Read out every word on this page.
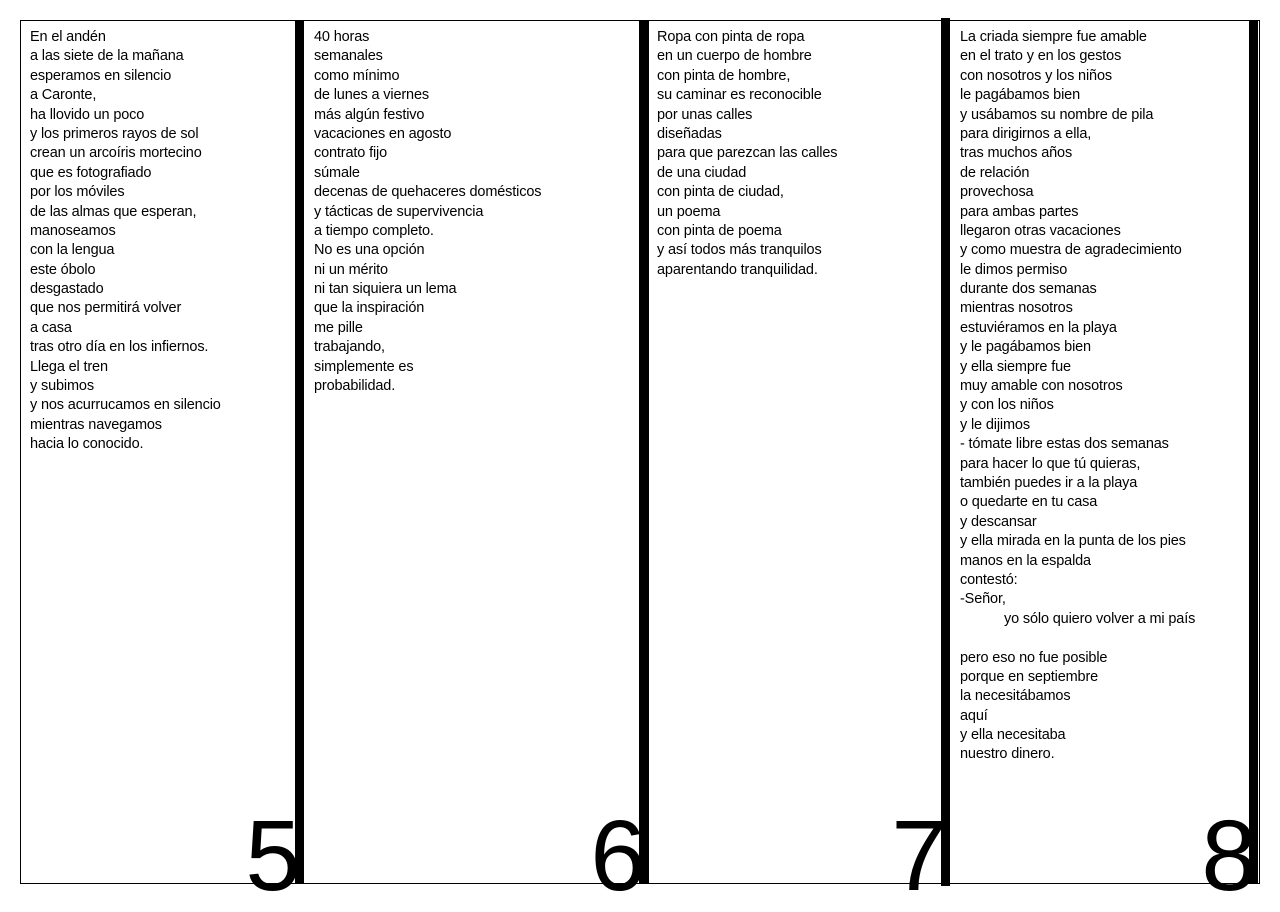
En el andén
a las siete de la mañana
esperamos en silencio
a Caronte,
ha llovido un poco
y los primeros rayos de sol
crean un arcoíris mortecino
que es fotografiado
por los móviles
de las almas que esperan,
manoseamos
con la lengua
este óbolo
desgastado
que nos permitirá volver
a casa
tras otro día en los infiernos.
Llega el tren
y subimos
y nos acurrucamos en silencio
mientras navegamos
hacia lo conocido.
5
40 horas
semanales
como mínimo
de lunes a viernes
más algún festivo
vacaciones en agosto
contrato fijo
súmale
decenas de quehaceres domésticos
y tácticas de supervivencia
a tiempo completo.
No es una opción
ni un mérito
ni tan siquiera un lema
que la inspiración
me pille
trabajando,
simplemente es
probabilidad.
6
Ropa con pinta de ropa
en un cuerpo de hombre
con pinta de hombre,
su caminar es reconocible
por unas calles
diseñadas
para que parezcan las calles
de una ciudad
con pinta de ciudad,
un poema
con pinta de poema
y así todos más tranquilos
aparentando tranquilidad.
7
La criada siempre fue amable
en el trato y en los gestos
con nosotros y los niños
le pagábamos bien
y usábamos su nombre de pila
para dirigirnos a ella,
tras muchos años
de relación
provechosa
para ambas partes
llegaron otras vacaciones
y como muestra de agradecimiento
le dimos permiso
durante dos semanas
mientras nosotros
estuviéramos en la playa
y le pagábamos bien
y ella siempre fue
muy amable con nosotros
y con los niños
y le dijimos
- tómate libre estas dos semanas
para hacer lo que tú quieras,
también puedes ir a la playa
o quedarte en tu casa
y descansar
y ella mirada en la punta de los pies
manos en la espalda
contestó:
-Señor,
yo sólo quiero volver a mi país
pero eso no fue posible
porque en septiembre
la necesitábamos
aquí
y ella necesitaba
nuestro dinero.
8
